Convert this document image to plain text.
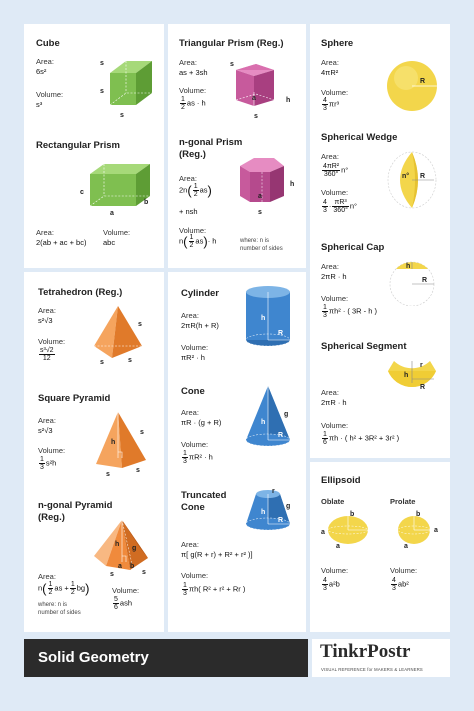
Cube
Area:
6s²
Volume:
s³
s
s
s
Rectangular Prism
c
a
b
Area:
2(ab + ac + bc)
Volume:
abc
Triangular Prism (Reg.)
Area:
as + 3sh
Volume:
$\frac{1}{2}$ as · h
s
a	h
s
n-gonal Prism
(Reg.)
Area:
$2n( \frac{1}{2} as)$
+ nsh
Volume:
$n( \frac{1}{2} as)\cdot h$	where: n is
number of sides
h
a
s
Sphere
Area:
4πR²
Volume:
$\frac{4}{3} \pi r^3$
R
Spherical Wedge
Area:
$\frac{\text{4πR²}}{360^\circ} n^\circ$
Volume:
$\frac{4}{3} \cdot \frac{\text{πR³}}{360^\circ} n^\circ$
n° R
Spherical Cap
Area:
2πR · h
Volume:
$\frac{1}{3} \pi h^2$ · ( 3R - h )
h
R
Spherical Segment
Area:
2πR · h
Volume:
$\frac{1}{6}$ πh · ( h² + 3R² + 3r² )
r
h
R
Tetrahedron (Reg.)
Area:
s²√3
Volume:
$\frac{\text{s³√2}}{12}$
s
s	s
Square Pyramid
Area:
s²√3
Volume:
$\frac{1}{3} s^2h$
s
h
s
s
n-gonal Pyramid
(Reg.)
Area:
$n( \frac{1}{2}$ as + $\frac{1}{2} bg$)
where: n is
number of sides
Volume:
$\frac{5}{6}$ ash
h
g
a b
s	s
Cylinder
Area:
2πR(h + R)
Volume:
πR² · h
h
R
Cone
Area:
πR · (g + R)
Volume:
$\frac{1}{3} \pi R^2 \cdot h$
h
g
R
Truncated
Cone
Area:
π[ g(R + r) + R² + r² )]
Volume:
$\frac{1}{3} \pi h$( R² + r² + Rr )
r
g
h
R
Ellipsoid
Oblate	Prolate
b
a
a
b
a
a
Volume:
$\frac{4}{3} a^2b$
Volume:
$\frac{4}{3} ab^2$
Solid Geometry	TinkrPostr
VISUAL REFERENCE for MAKERS & LEARNERS
